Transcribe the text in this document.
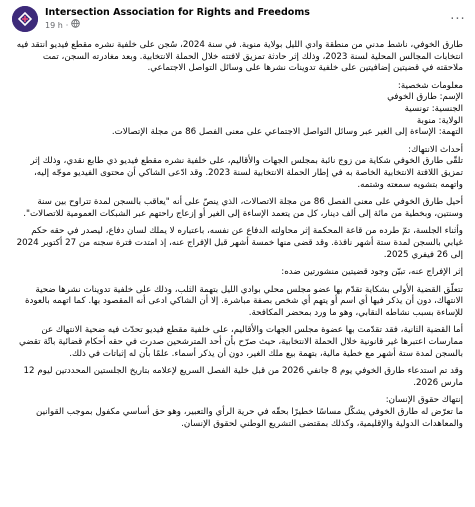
Intersection Association for Rights and Freedoms
19 h ·	···

طارق الخوفي، ناشط مدني من منطقة وادي الليل بولاية منوبة. في سنة 2024، سُجن على خلفية نشره مقطع فيديو انتقد فيه انتخابات المجالس المحلية لسنة 2023، وذلك إثر حادثة تمزيق لافتته خلال الحملة الانتخابية. وبعد مغادرته السجن، تمت ملاحقته في قضيتين إضافيتين على خلفية تدوينات نشرها على وسائل التواصل الاجتماعي.

معلومات شخصية:

الإسم: طارق الخوفي

الجنسية: تونسية

الولاية: منوبة

التهمة: الإساءة إلى الغير عبر وسائل التواصل الاجتماعي على معنى الفصل 86 من مجلة الإتصالات.

أحداث الانتهاك:

تلقّى طارق الخوفي شكاية من زوج نائبة بمجلس الجهات والأقاليم، على خلفية نشره مقطع فيديو ذي طابع نقدي، وذلك إثر تمزيق اللافتة الانتخابية الخاصة به في إطار الحملة الانتخابية لسنة 2023. وقد ادّعى الشاكي أن محتوى الفيديو موجّه إليه، واتهمه بتشويه سمعته وشتمه.

أحيل طارق الخوفي على معنى الفصل 86 من مجلة الاتصالات، الذي ينصّ على أنه "يعاقب بالسجن لمدة تتراوح بين سنة وسنتين، وبخطية من مائة إلى ألف دينار، كل من يتعمد الإساءة إلى الغير أو إزعاج راحتهم عبر الشبكات العمومية للاتصالات".

وأثناء الجلسة، تمّ طرده من قاعة المحكمة إثر محاولته الدفاع عن نفسه، باعتباره لا يملك لسان دفاع، ليصدر في حقه حكم غيابي بالسجن لمدة ستة أشهر نافذة. وقد قضى منها خمسة أشهر قبل الإفراج عنه، إذ امتدت فترة سجنه من 27 أكتوبر 2024 إلى 26 فيفري 2025.

إثر الإفراج عنه، تبيّن وجود قضيتين منشورتين ضده:

تتعلّق القضية الأولى بشكاية تقدّم بها عضو مجلس محلي بوادي الليل بتهمة الثلب، وذلك على خلفية تدوينات نشرها ضحية الانتهاك، دون أن يذكر فيها أي اسم أو يتهم أي شخص بصفة مباشرة. إلا أن الشاكي ادعى أنه المقصود بها. كما اتهمه بالعودة للإساءة بسبب نشاطه النقابي، وهو ما ورد بمحضر المكافحة.

أما القضية الثانية، فقد تقدّمت بها عضوة مجلس الجهات والأقاليم، على خلفية مقطع فيديو تحدّث فيه ضحية الانتهاك عن ممارسات اعتبرها غير قانونية خلال الحملة الانتخابية، حيث صرّح بأن أحد المترشحين صدرت في حقه أحكام قضائية باتّة تقضي بالسجن لمدة ستة أشهر مع خطية مالية، بتهمة بيع ملك الغير، دون أن يذكر أسماء. علمًا بأن له إثباتات في ذلك.

وقد تم استدعاء طارق الخوفي يوم 8 جانفي 2026 من قبل خلية الفصل السريع لإعلامه بتاريخ الجلستين المحددتين ليوم 12 مارس 2026.

إنتهاك حقوق الإنسان:

ما تعرّض له طارق الخوفي يشكّل مساسًا خطيرًا بحقّه في حرية الرأي والتعبير، وهو حق أساسي مكفول بموجب القوانين والمعاهدات الدولية والإقليمية، وكذلك بمقتضى التشريع الوطني لحقوق الإنسان.
